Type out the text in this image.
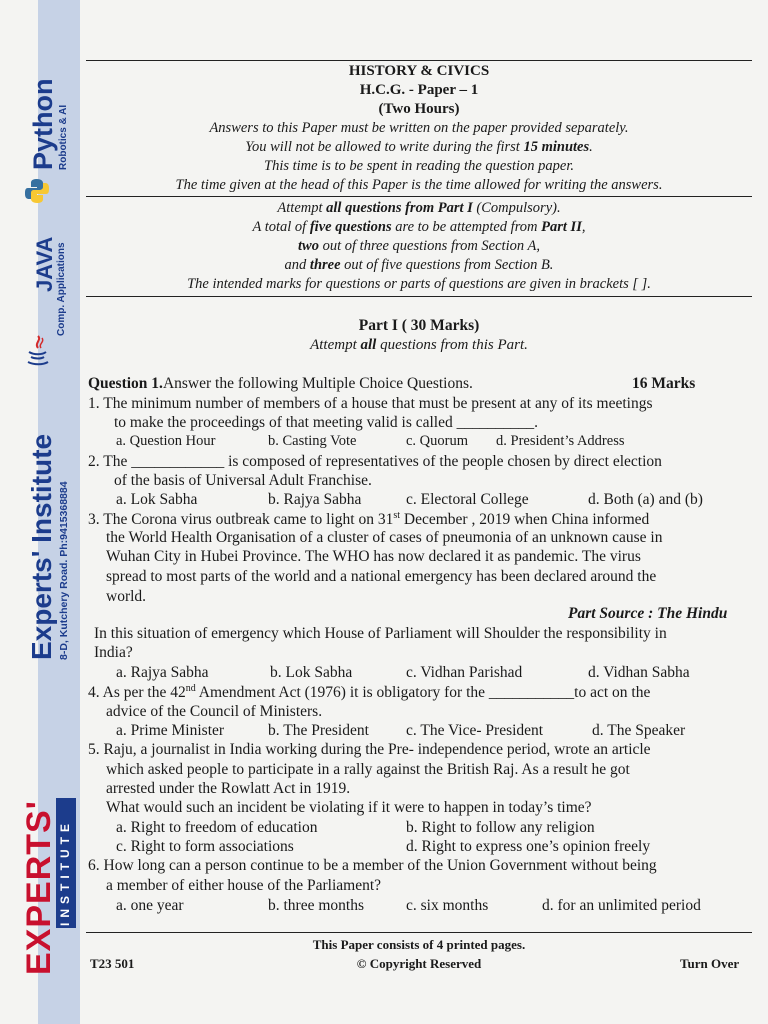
Python Robotics & AI
JAVA Comp. Applications
Experts' Institute 8-D, Kutchery Road. Ph:9415368884
EXPERTS' INSTITUTE
HISTORY & CIVICS
H.C.G. - Paper – 1
(Two Hours)
Answers to this Paper must be written on the paper provided separately.
You will not be allowed to write during the first 15 minutes.
This time is to be spent in reading the question paper.
The time given at the head of this Paper is the time allowed for writing the answers.
Attempt all questions from Part I (Compulsory).
A total of five questions are to be attempted from Part II,
two out of three questions from Section A,
and three out of five questions from Section B.
The intended marks for questions or parts of questions are given in brackets [ ].
Part I ( 30 Marks)
Attempt all questions from this Part.
Question 1.Answer the following Multiple Choice Questions.	16 Marks
1. The minimum number of members of a house that must be present at any of its meetings
to make the proceedings of that meeting valid is called __________.
a. Question Hour	b. Casting Vote	c. Quorum d. President’s Address
2. The ____________ is composed of representatives of the people chosen by direct election
of the basis of Universal Adult Franchise.
a. Lok Sabha	b. Rajya Sabha	c. Electoral College	d. Both (a) and (b)
3. The Corona virus outbreak came to light on 31st December , 2019 when China informed
the World Health Organisation of a cluster of cases of pneumonia of an unknown cause in
Wuhan City in Hubei Province. The WHO has now declared it as pandemic. The virus
spread to most parts of the world and a national emergency has been declared around the
world.
Part Source : The Hindu
In this situation of emergency which House of Parliament will Shoulder the responsibility in
India?
a. Rajya Sabha	b. Lok Sabha	c. Vidhan Parishad	d. Vidhan Sabha
4. As per the 42nd Amendment Act (1976) it is obligatory for the ___________to act on the
advice of the Council of Ministers.
a. Prime Minister	b. The President c. The Vice- President	d. The Speaker
5. Raju, a journalist in India working during the Pre- independence period, wrote an article
which asked people to participate in a rally against the British Raj. As a result he got
arrested under the Rowlatt Act in 1919.
What would such an incident be violating if it were to happen in today’s time?
a. Right to freedom of education	b. Right to follow any religion
c. Right to form associations	d. Right to express one’s opinion freely
6. How long can a person continue to be a member of the Union Government without being
a member of either house of the Parliament?
a. one year	b. three months	c. six months	d. for an unlimited period
This Paper consists of 4 printed pages.
T23 501	© Copyright Reserved	Turn Over
